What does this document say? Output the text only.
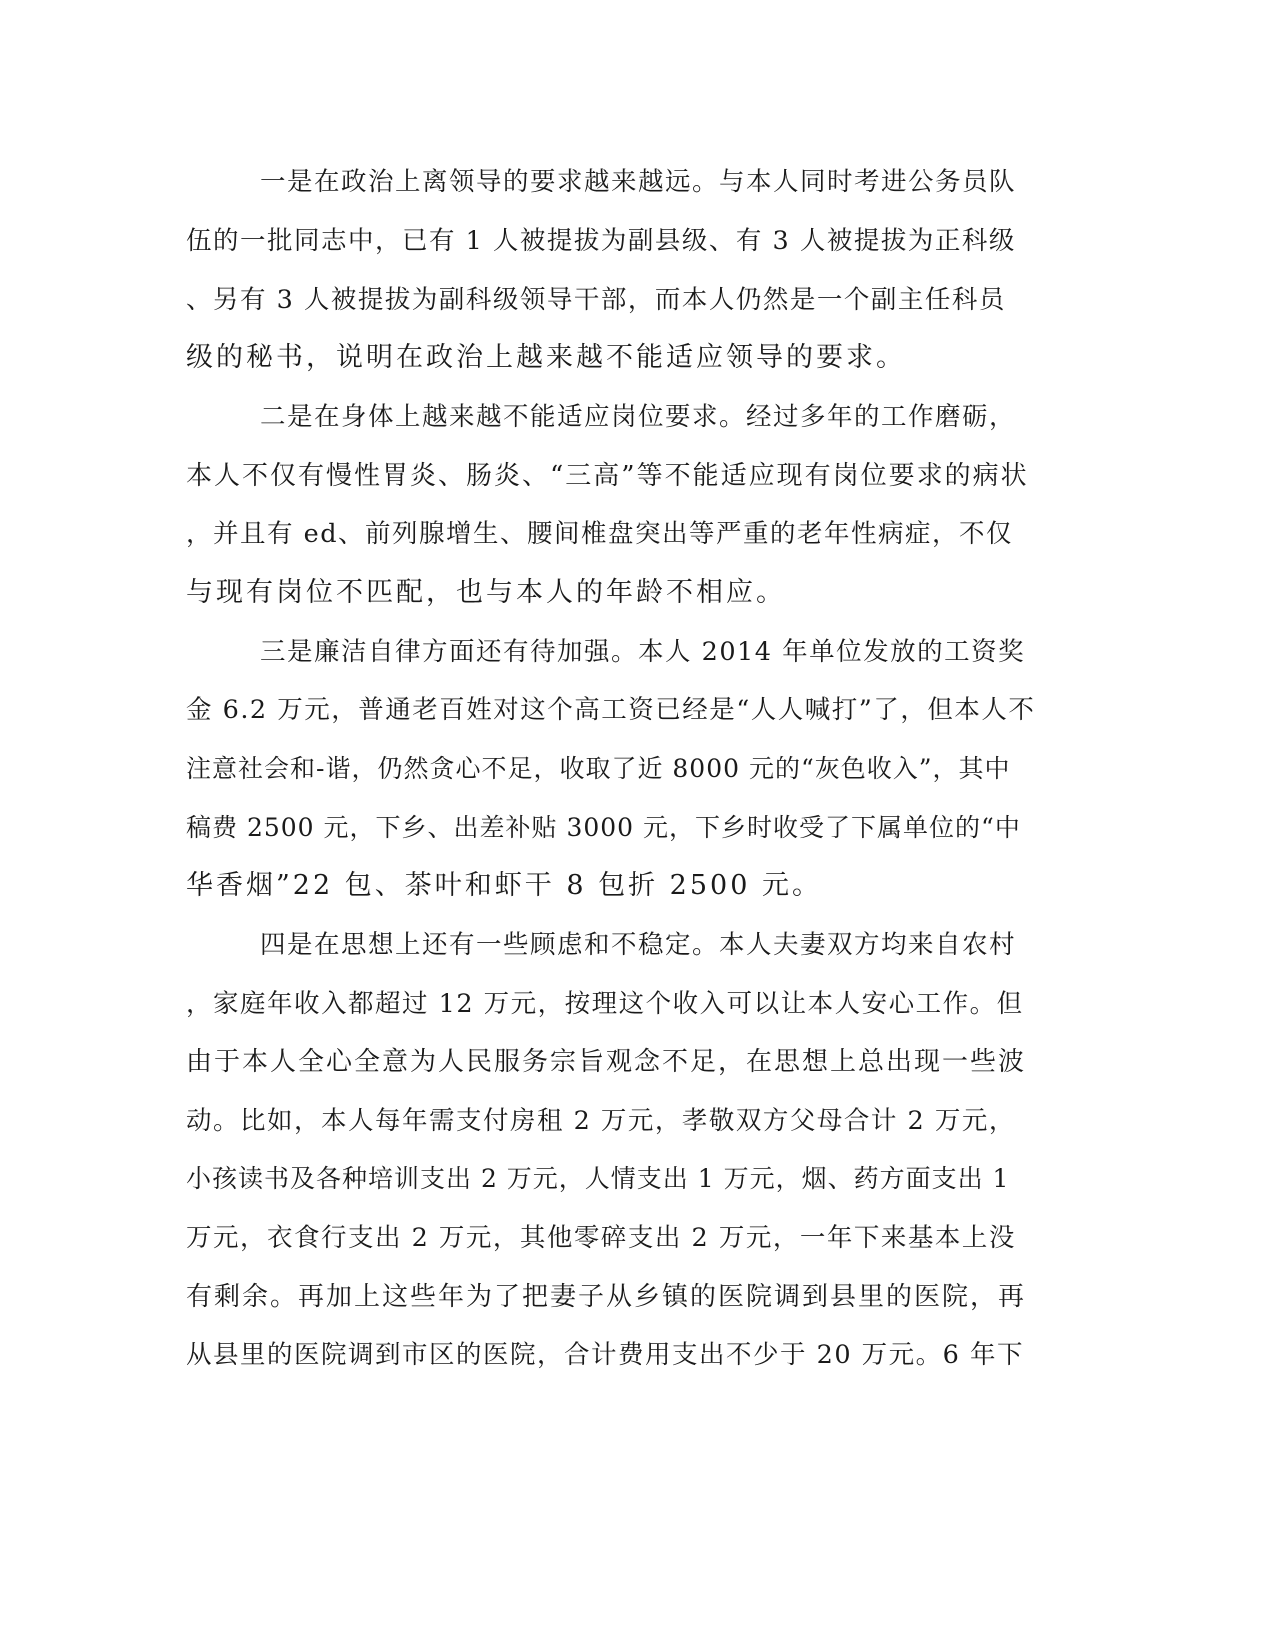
一是在政治上离领导的要求越来越远。与本人同时考进公务员队
伍的一批同志中，已有 1 人被提拔为副县级、有 3 人被提拔为正科级
、另有 3 人被提拔为副科级领导干部，而本人仍然是一个副主任科员
级的秘书，说明在政治上越来越不能适应领导的要求。
二是在身体上越来越不能适应岗位要求。经过多年的工作磨砺，
本人不仅有慢性胃炎、肠炎、“三高”等不能适应现有岗位要求的病状
，并且有 ed、前列腺增生、腰间椎盘突出等严重的老年性病症，不仅
与现有岗位不匹配，也与本人的年龄不相应。
三是廉洁自律方面还有待加强。本人 2014 年单位发放的工资奖
金 6.2 万元，普通老百姓对这个高工资已经是“人人喊打”了，但本人不
注意社会和-谐，仍然贪心不足，收取了近 8000 元的“灰色收入”，其中
稿费 2500 元，下乡、出差补贴 3000 元，下乡时收受了下属单位的“中
华香烟”22 包、茶叶和虾干 8 包折 2500 元。
四是在思想上还有一些顾虑和不稳定。本人夫妻双方均来自农村
，家庭年收入都超过 12 万元，按理这个收入可以让本人安心工作。但
由于本人全心全意为人民服务宗旨观念不足，在思想上总出现一些波
动。比如，本人每年需支付房租 2 万元，孝敬双方父母合计 2 万元，
小孩读书及各种培训支出 2 万元，人情支出 1 万元，烟、药方面支出 1
万元，衣食行支出 2 万元，其他零碎支出 2 万元，一年下来基本上没
有剩余。再加上这些年为了把妻子从乡镇的医院调到县里的医院，再
从县里的医院调到市区的医院，合计费用支出不少于 20 万元。6 年下
